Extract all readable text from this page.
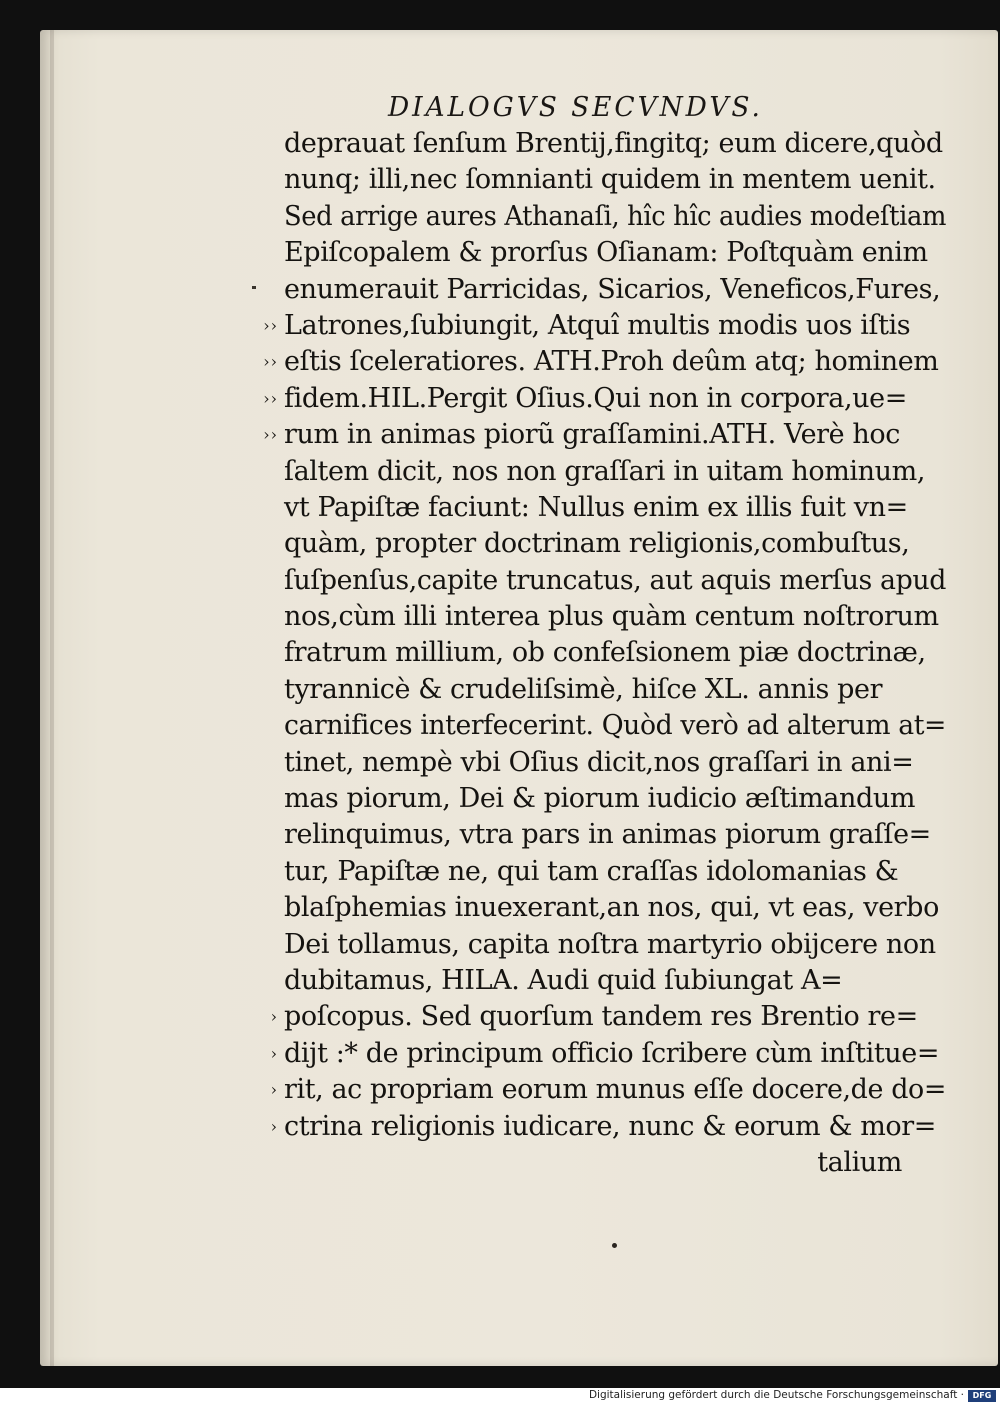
DIALOGVS SECVNDVS.
deprauat ſenſum Brentij,fingitq; eum dicere,quòd
nunq; illi,nec ſomnianti quidem in mentem uenit.
Sed arrige aures Athanaſi, hîc hîc audies modeſtiam
Epiſcopalem & prorſus Oſianam: Poſtquàm enim
enumerauit Parricidas, Sicarios, Veneficos,Fures,
›› Latrones,ſubiungit, Atquî multis modis uos iſtis
›› eſtis ſceleratiores. ATH.Proh deûm atq; hominem
›› fidem.HIL.Pergit Oſius.Qui non in corpora,ue=
›› rum in animas piorũ graſſamini.ATH. Verè hoc
ſaltem dicit, nos non graſſari in uitam hominum,
vt Papiſtæ faciunt: Nullus enim ex illis fuit vn=
quàm, propter doctrinam religionis,combuſtus,
ſuſpenſus,capite truncatus, aut aquis merſus apud
nos,cùm illi interea plus quàm centum noſtrorum
fratrum millium, ob confeſsionem piæ doctrinæ,
tyrannicè & crudeliſsimè, hiſce XL. annis per
carnifices interfecerint. Quòd verò ad alterum at=
tinet, nempè vbi Oſius dicit,nos graſſari in ani=
mas piorum, Dei & piorum iudicio æſtimandum
relinquimus, vtra pars in animas piorum graſſe=
tur, Papiſtæ ne, qui tam craſſas idolomanias &
blaſphemias inuexerant,an nos, qui, vt eas, verbo
Dei tollamus, capita noſtra martyrio obijcere non
dubitamus, HILA. Audi quid ſubiungat A=
› poſcopus. Sed quorſum tandem res Brentio re=
› dijt :* de principum officio ſcribere cùm inſtitue=
› rit, ac propriam eorum munus eſſe docere,de do=
› ctrina religionis iudicare, nunc & eorum & mor=
talium
Digitalisierung gefördert durch die Deutsche Forschungsgemeinschaft ·	DFG
